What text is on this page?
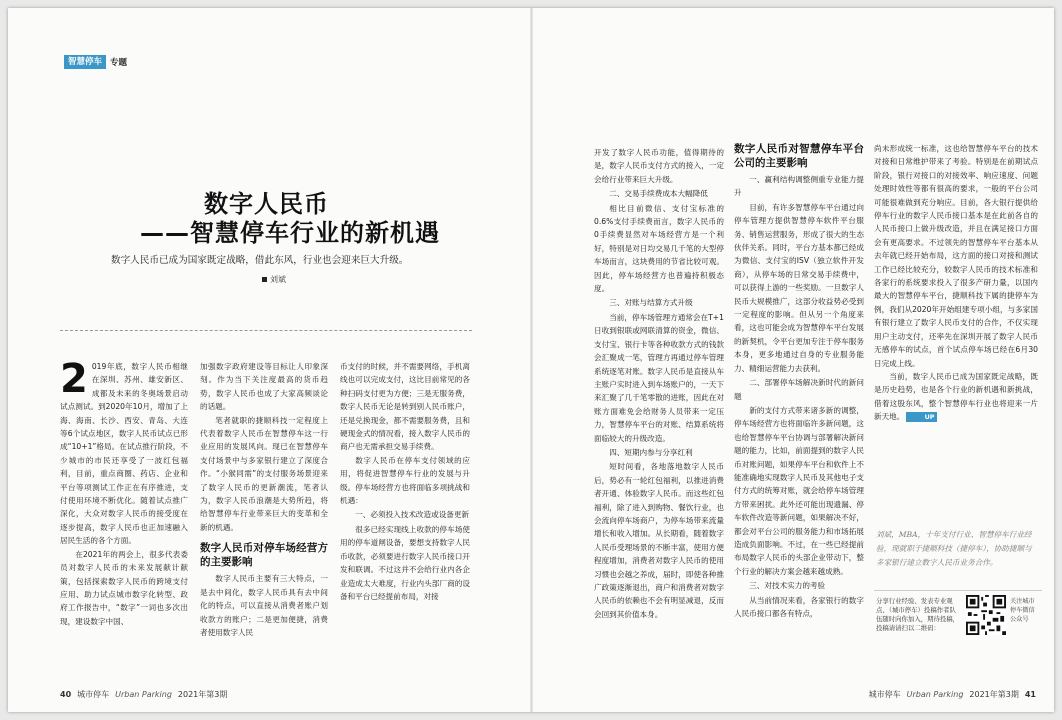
智慧停车 专题
数字人民币
——智慧停车行业的新机遇
数字人民币已成为国家既定战略，借此东风，行业也会迎来巨大升级。
刘斌

2 019年底，数字人民币相继在深圳、苏州、雄安新区、成都及未来的冬奥场景启动试点测试。到2020年10月，增加了上海、海南、长沙、西安、青岛、大连等6个试点地区，数字人民币试点已形成“10+1”格局。在试点推行阶段，不少城市的市民还享受了一波红包福利，目前，重点商圈、药店、企业和平台等项测试工作正在有序推进，支付使用环境不断优化。随着试点推广深化，大众对数字人民币的接受度在逐步提高，数字人民币也正加速融入居民生活的各个方面。

在2021年的两会上，很多代表委员对数字人民币的未来发展献计献策，包括探索数字人民币的跨境支付应用、助力试点城市数字化转型、政府工作报告中，“数字”一词也多次出现，建设数字中国、

加强数字政府建设等目标让人印象深刻。作为当下关注度最高的货币趋势，数字人民币也成了大家高频谈论的话题。

笔者就职的捷顺科技一定程度上代表着数字人民币在智慧停车这一行业应用的发展风向。现已在智慧停车支付场景中与多家银行建立了深度合作。“小猴同需”的支付服务场景迎来了数字人民币的更新潮流，笔者认为，数字人民币浪潮是大势所趋，将给智慧停车行业带来巨大的变革和全新的机遇。

数字人民币对停车场经营方的主要影响

数字人民币主要有三大特点，一是去中间化，数字人民币具有去中间化的特点，可以直接从消费者账户划收款方的账户；二是更加便捷，消费者使用数字人民

币支付的时候，并不需要网络，手机离线也可以完成支付，这比目前常见的各种扫码支付更为方便；三是无服务费，数字人民币无论是转到别人民币账户，还是兑换现金，都不需要服务费，且和硬现金式的情况看，接入数字人民币的商户也无需承担交易手续费。

数字人民币在停车支付领域的应用，将促进智慧停车行业的发展与升级。停车场经营方也将面临多项挑战和机遇：

一、必须投入技术改造或设备更新

很多已经实现线上收款的停车场使用的停车道闸设备，要想支持数字人民币收款，必须要进行数字人民币接口开发和联调。不过这并不会给行业内各企业造成太大难度，行业内头部厂商的设备和平台已经提前布局，对接

开发了数字人民币功能，值得期待的是，数字人民币支付方式的接入，一定会给行业带来巨大升级。

二、交易手续费成本大幅降低

相比目前微信、支付宝标准的0.6%支付手续费而言，数字人民币的0手续费显然对车场经营方是一个利好，特别是对日均交易几千笔的大型停车场而言，这块费用的节省比较可观。因此，停车场经营方也普遍持积极态度。

三、对账与结算方式升级

当前，停车场管理方通常会在T+1日收到银联或网联清算的资金，微信、支付宝、银行卡等各种收款方式的钱款会汇聚成一笔，管理方再通过停车管理系统逐笔对账。数字人民币是直接从车主账户实时进入到车场账户的，一天下来汇聚了几千笔零散的进账，因此在对账方面难免会给财务人员带来一定压力，智慧停车平台的对账、结算系统将面临较大的升级改造。

四、短期内参与分享红利

短时间看，各地落地数字人民币后，势必有一轮红包福利，以推进消费者开通、体验数字人民币。而这些红包福利，除了进入到购物、餐饮行业，也会流向停车场商户，为停车场带来流量增长和收入增加。从长期看，随着数字人民币受理场景的不断丰富，使用方便程度增加，消费者对数字人民币的使用习惯也会越之养成，届时，即使各种推广政策逐渐退出，商户和消费者对数字人民币的依赖也不会有明显减退，反而会回到其价值本身。

数字人民币对智慧停车平台公司的主要影响

一、赢利结构调整侧重专业能力提升

目前，有许多智慧停车平台通过向停车管理方提供智慧停车软件平台服务、销售运营服务，形成了很大的生态伙伴关系。同时，平台方基本都已经成为微信、支付宝的ISV（独立软件开发商），从停车场的日常交易手续费中，可以获得上游的一些奖励。一旦数字人民币大规模推广，这部分收益势必受到一定程度的影响。但从另一个角度来看，这也可能会成为智慧停车平台发展的新契机，令平台更加专注于停车服务本身，更多地通过自身的专业服务能力、精细运营能力去获利。

二、部署停车场解决新时代的新问题

新的支付方式带来诸多新的调整，停车场经营方也将面临许多新问题，这也给智慧停车平台协调与部署解决新问题的能力，比如，前面提到的数字人民币对账问题，如果停车平台和软件上不能准确地实现数字人民币及其他电子支付方式的统筹对账，就会给停车场管理方带来困扰。此外还可能出现遗漏、停车软件改造等新问题，如果解决不好，都会对平台公司的服务能力和市场拓展造成负面影响。不过，在一些已经提前布局数字人民币的头部企业带动下，整个行业的解决方案会越来越成熟。

三、对技术实力的考验

从当前情况来看，各家银行的数字人民币接口都各有特点，

尚未形成统一标准，这也给智慧停车平台的技术对接和日常维护带来了考验。特别是在前期试点阶段，银行对接口的对接效率、响应速度、问题处理时效性等都有很高的要求，一般的平台公司可能很难做到充分响应。目前，各大银行提供给停车行业的数字人民币接口基本是在此前各自的人民币接口上做升级改造，并且在满足接口方面会有更高要求。不过领先的智慧停车平台基本从去年就已经开始布局，这方面的接口对接和测试工作已经比较充分，较数字人民币的技术标准和各家行的系统要求投入了很多产研力量，以国内最大的智慧停车平台，捷顺科技下属的捷停车为例，我们从2020年开始组建专项小组，与多家国有银行建立了数字人民币支付的合作，不仅实现用户主动支付，还率先在深圳开展了数字人民币无感停车的试点，首个试点停车场已经在6月30日完成上线。

当前，数字人民币已成为国家既定战略，既是历史趋势，也是各个行业的新机遇和新挑战，借着这股东风，整个智慧停车行业也将迎来一片新天地。	UP

刘斌，MBA，十年支付行业、智慧停车行业经验，现就职于捷顺科技（捷停车），协助捷顺与多家银行建立数字人民币业务合作。
分享行业经验、发表专业观点、（城市停车）投稿作者队伍随时向你加入，期待投稿，投稿请请扫以二维码：
关注城市停车微信公众号
40 城市停车 Urban Parking 2021年第3期	城市停车 Urban Parking 2021年第3期 41
